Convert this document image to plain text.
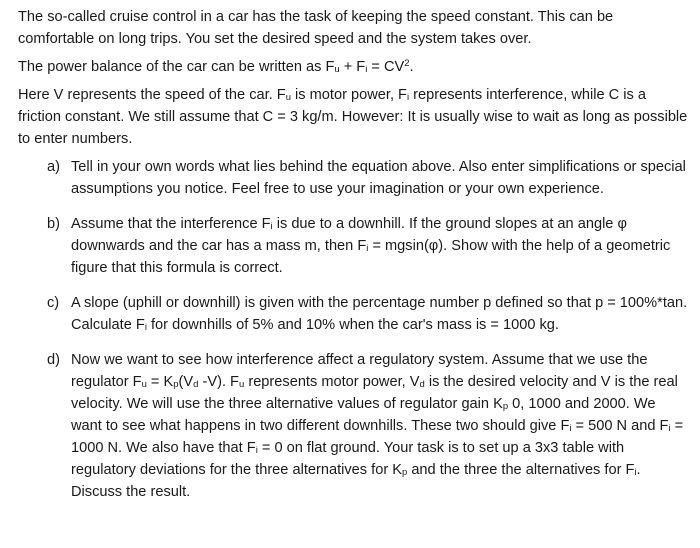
The so-called cruise control in a car has the task of keeping the speed constant. This can be comfortable on long trips. You set the desired speed and the system takes over.

The power balance of the car can be written as $F_u + F_i = CV^2$.

Here V represents the speed of the car. $F_u$ is motor power, $F_i$ represents interference, while C is a friction constant. We still assume that C = 3 kg/m. However: It is usually wise to wait as long as possible to enter numbers.

a) Tell in your own words what lies behind the equation above. Also enter simplifications or special assumptions you notice. Feel free to use your imagination or your own experience.
b) Assume that the interference $F_i$ is due to a downhill. If the ground slopes at an angle φ downwards and the car has a mass m, then $F_i = mgsin(\varphi)$. Show with the help of a geometric figure that this formula is correct.
c) A slope (uphill or downhill) is given with the percentage number p defined so that p = 100%*tan. Calculate $F_i$ for downhills of 5% and 10% when the car's mass is = 1000 kg.
d) Now we want to see how interference affect a regulatory system. Assume that we use the regulator $F_u = K_p(V_d$ -V). $F_u$ represents motor power, $V_d$ is the desired velocity and V is the real velocity. We will use the three alternative values of regulator gain $K_p$ 0, 1000 and 2000. We want to see what happens in two different downhills. These two should give $F_i = 500$ N and $F_i = 1000$ N. We also have that $F_i = 0$ on flat ground. Your task is to set up a 3x3 table with regulatory deviations for the three alternatives for $K_p$ and the three the alternatives for $F_i$. Discuss the result.
